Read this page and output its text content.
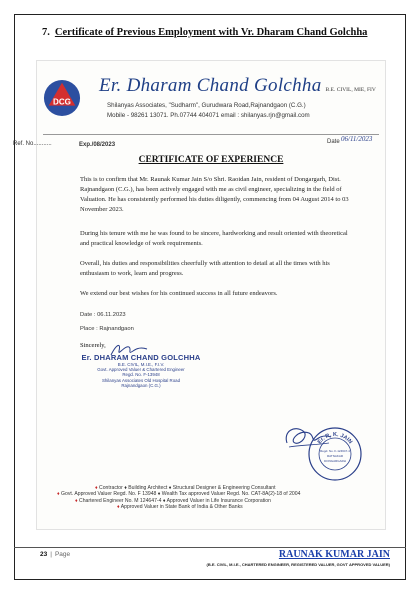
7. Certificate of Previous Employment with Vr. Dharam Chand Golchha
DCG
Er. Dharam Chand Golchha B.E. CIVIL, MIE, FIV
Shilanyas Associates, "Sudharm", Gurudwara Road,Rajnandgaon (C.G.)
Mobile - 98261 13071. Ph.07744 404071 email : shilanyas.rjn@gmail.com
Ref. No...........	Exp./08/2023	Date 06/11/2023
CERTIFICATE OF EXPERIENCE
This is to confirm that Mr. Raunak Kumar Jain S/o Shri. Raoidan Jain, resident of Dongargarh, Dist. Rajnandgaon (C.G.), has been actively engaged with me as civil engineer, specializing in the field of Valuation. He has consistently performed his duties diligently, commencing from 04 August 2014 to 03 November 2023.
During his tenure with me he was found to be sincere, hardworking and result oriented with theoretical and practical knowledge of work requirements.
Overall, his duties and responsibilities cheerfully with attention to detail at all the times with his enthusiasm to work, learn and progress.
We extend our best wishes for his continued success in all future endeavors.
Date : 06.11.2023
Place : Rajnandgaon
Sincerely,
Er. DHARAM CHAND GOLCHHA
B.E. CIVIL, M.I.E., F.I.V.
Govt. Approved Valuer & Chartered Engineer
Regd. No. F-13948
Shilanyas Associates Old Hospital Road
Rajnandgaon (C.G.)
Er. R. K. JAIN
Regd. No. F-124647-4
RATNAKAR
DONGARGARH
♦ Contractor ♦ Building Architect ♦ Structural Designer & Engineering Consultant
♦ Govt. Approved Valuer Regd. No. F 13948 ♦ Wealth Tax approved Valuer Regd. No. CAT-8A(2)-18 of 2004
♦ Chartered Engineer No. M 124647-4 ♦ Approved Valuer in Life Insurance Corporation
♦ Approved Valuer in State Bank of India & Other Banks
23 | Page	RAUNAK KUMAR JAIN
(B.E. CIVIL, M.I.E., CHARTERED ENGINEER, REGISTERED VALUER, GOVT APPROVED VALUER)
